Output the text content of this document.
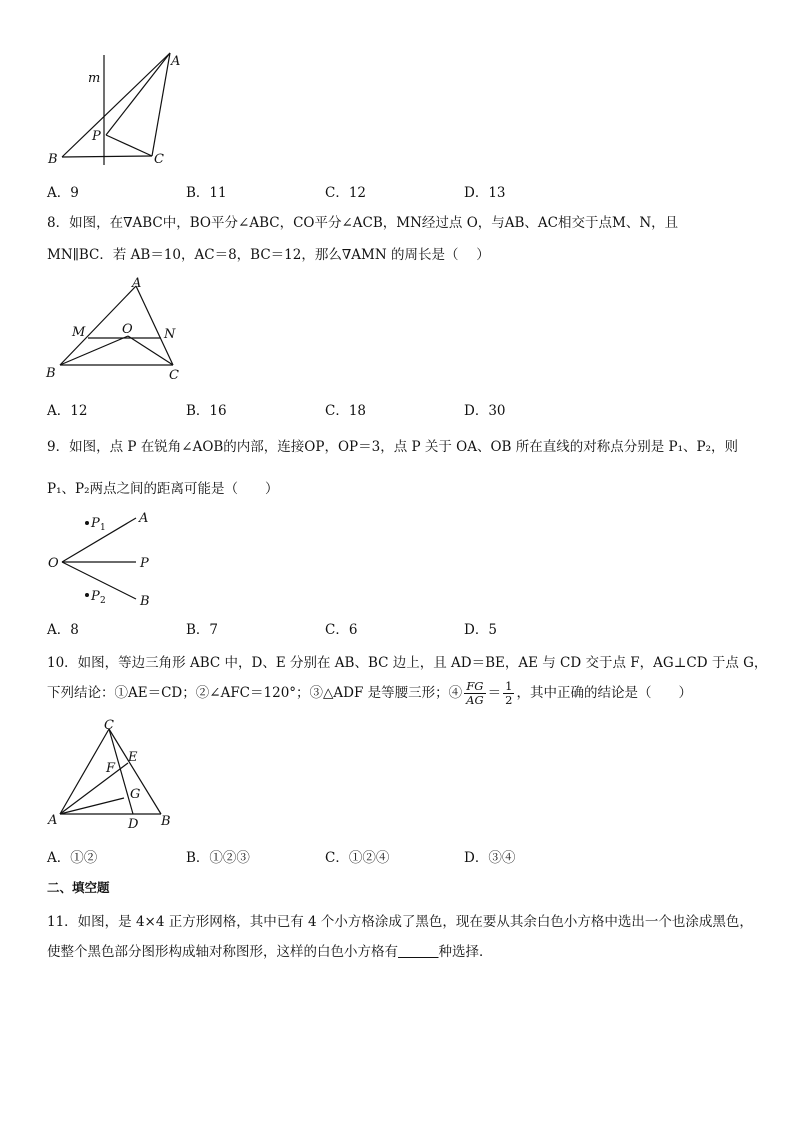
m
A
P
B	C
A．9	B．11	C．12	D．13
8．如图，在∇ABC中，BO平分∠ABC，CO平分∠ACB，MN经过点 O，与AB、AC相交于点M、N，且
MN∥BC．若 AB＝10，AC＝8，BC＝12，那么∇AMN 的周长是（　 ）
A
M	O N
B	C
A．12	B．16	C．18	D．30
9．如图，点 P 在锐角∠AOB的内部，连接OP，OP＝3，点 P 关于 OA、OB 所在直线的对称点分别是 P₁、P₂，则
P₁、P₂两点之间的距离可能是（　　）
P 1
A
O	P
P 2	B
A．8	B．7	C．6	D．5
10．如图，等边三角形 ABC 中，D、E 分别在 AB、BC 边上，且 AD＝BE，AE 与 CD 交于点 F，AG⊥CD 于点 G，
下列结论：①AE＝CD；②∠AFC＝120°；③△ADF 是等腰三形；④ $\frac{FG}{AG} = \frac{1}{2}$ ，其中正确的结论是（　　）
C
E
F
G
A	D B
A．①②	B．①②③	C．①②④	D．③④
二、填空题
11．如图，是 4×4 正方形网格，其中已有 4 个小方格涂成了黑色，现在要从其余白色小方格中选出一个也涂成黑色，
使整个黑色部分图形构成轴对称图形，这样的白色小方格有　　　	种选择．
